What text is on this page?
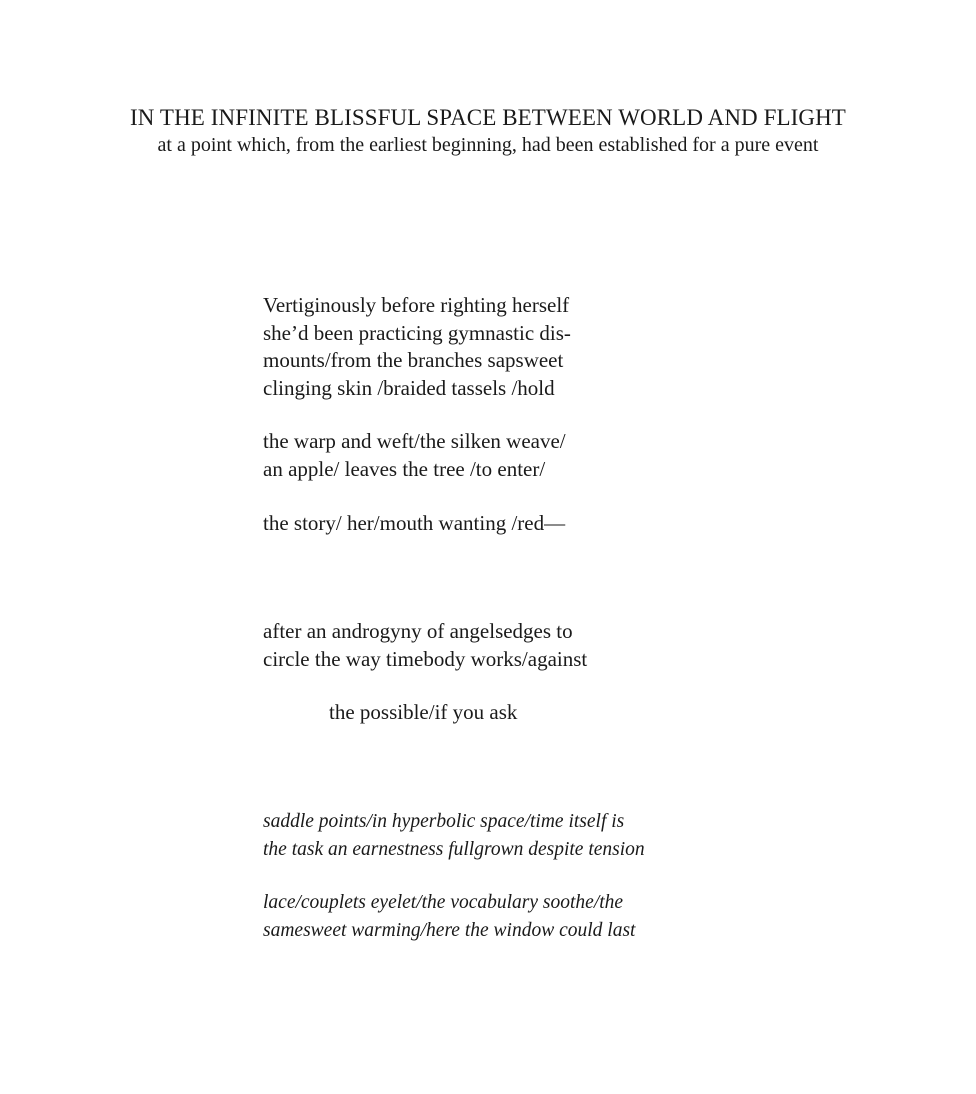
IN THE INFINITE BLISSFUL SPACE BETWEEN WORLD AND FLIGHT
at a point which, from the earliest beginning, had been established for a pure event
Vertiginously before righting herself
she’d been practicing gymnastic dis-
mounts/from the branches sapsweet
clinging skin /braided tassels /hold
the warp and weft/the silken weave/
an apple/ leaves the tree /to enter/
the story/ her/mouth wanting /red—
after an androgyny of angelsedges to
circle the way timebody works/against
the possible/if you ask
saddle points/in hyperbolic space/time itself is
the task an earnestness fullgrown despite tension
lace/couplets eyelet/the vocabulary soothe/the
samesweet warming/here the window could last
